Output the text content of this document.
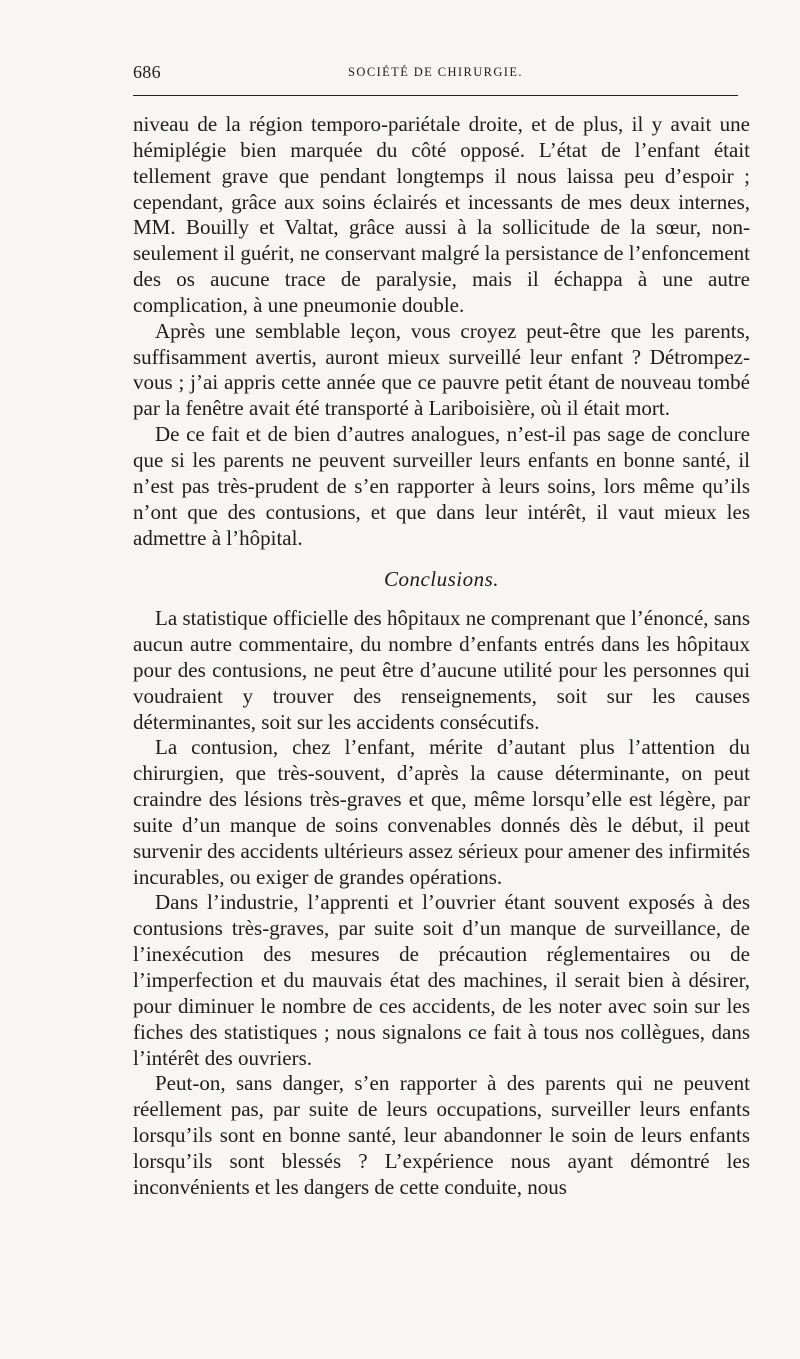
686	SOCIÉTÉ DE CHIRURGIE.

niveau de la région temporo-pariétale droite, et de plus, il y avait une hémiplégie bien marquée du côté opposé. L’état de l’enfant était tellement grave que pendant longtemps il nous laissa peu d’espoir ; cependant, grâce aux soins éclairés et incessants de mes deux internes, MM. Bouilly et Valtat, grâce aussi à la sollicitude de la sœur, non-seulement il guérit, ne conservant malgré la persistance de l’enfoncement des os aucune trace de paralysie, mais il échappa à une autre complication, à une pneumonie double.

Après une semblable leçon, vous croyez peut-être que les parents, suffisamment avertis, auront mieux surveillé leur enfant ? Détrompez-vous ; j’ai appris cette année que ce pauvre petit étant de nouveau tombé par la fenêtre avait été transporté à Lariboisière, où il était mort.

De ce fait et de bien d’autres analogues, n’est-il pas sage de conclure que si les parents ne peuvent surveiller leurs enfants en bonne santé, il n’est pas très-prudent de s’en rapporter à leurs soins, lors même qu’ils n’ont que des contusions, et que dans leur intérêt, il vaut mieux les admettre à l’hôpital.

Conclusions.

La statistique officielle des hôpitaux ne comprenant que l’énoncé, sans aucun autre commentaire, du nombre d’enfants entrés dans les hôpitaux pour des contusions, ne peut être d’aucune utilité pour les personnes qui voudraient y trouver des renseignements, soit sur les causes déterminantes, soit sur les accidents consécutifs.

La contusion, chez l’enfant, mérite d’autant plus l’attention du chirurgien, que très-souvent, d’après la cause déterminante, on peut craindre des lésions très-graves et que, même lorsqu’elle est légère, par suite d’un manque de soins convenables donnés dès le début, il peut survenir des accidents ultérieurs assez sérieux pour amener des infirmités incurables, ou exiger de grandes opérations.

Dans l’industrie, l’apprenti et l’ouvrier étant souvent exposés à des contusions très-graves, par suite soit d’un manque de surveillance, de l’inexécution des mesures de précaution réglementaires ou de l’imperfection et du mauvais état des machines, il serait bien à désirer, pour diminuer le nombre de ces accidents, de les noter avec soin sur les fiches des statistiques ; nous signalons ce fait à tous nos collègues, dans l’intérêt des ouvriers.

Peut-on, sans danger, s’en rapporter à des parents qui ne peuvent réellement pas, par suite de leurs occupations, surveiller leurs enfants lorsqu’ils sont en bonne santé, leur abandonner le soin de leurs enfants lorsqu’ils sont blessés ? L’expérience nous ayant démontré les inconvénients et les dangers de cette conduite, nous
